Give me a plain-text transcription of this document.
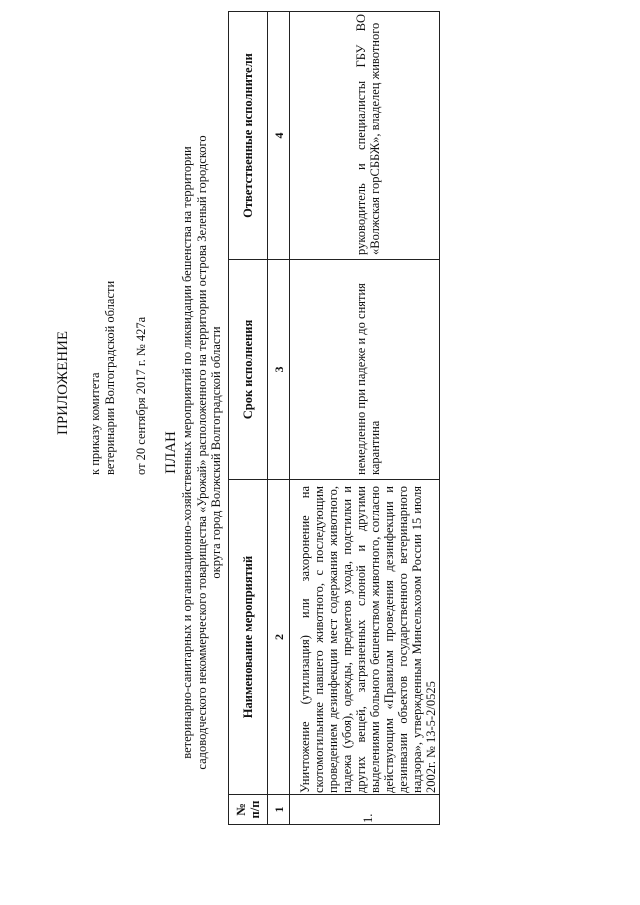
ПРИЛОЖЕНИЕ к приказу комитета ветеринарии Волгоградской области от 20 сентября 2017 г. № 427а ПЛАН
ветеринарно-санитарных и организационно-хозяйственных мероприятий по ликвидации бешенства на территории
садоводческого некоммерческого товарищества «Урожай» расположенного на территории острова Зеленый городского
округа город Волжский Волгоградской области
№
п/п	Наименование мероприятий	Срок исполнения	Ответственные исполнители
1	2	3	4
1.	Уничтожение (утилизация) или захоронение на скотомогильнике павшего животного, с последующим проведением дезинфекции мест содержания животного, падежа (убоя), одежды, предметов ухода, подстилки и других вещей, загрязненных слюной и другими выделениями больного бешенством животного, согласно действующим «Правилам проведения дезинфекции и дезинвазии объектов государственного ветеринарного надзора», утвержденным Минсельхозом России 15 июля 2002г. № 13-5-2/0525	немедленно при падеже и до снятия карантина	руководитель и специалисты ГБУ ВО «Волжская горСББЖ», владелец животного
